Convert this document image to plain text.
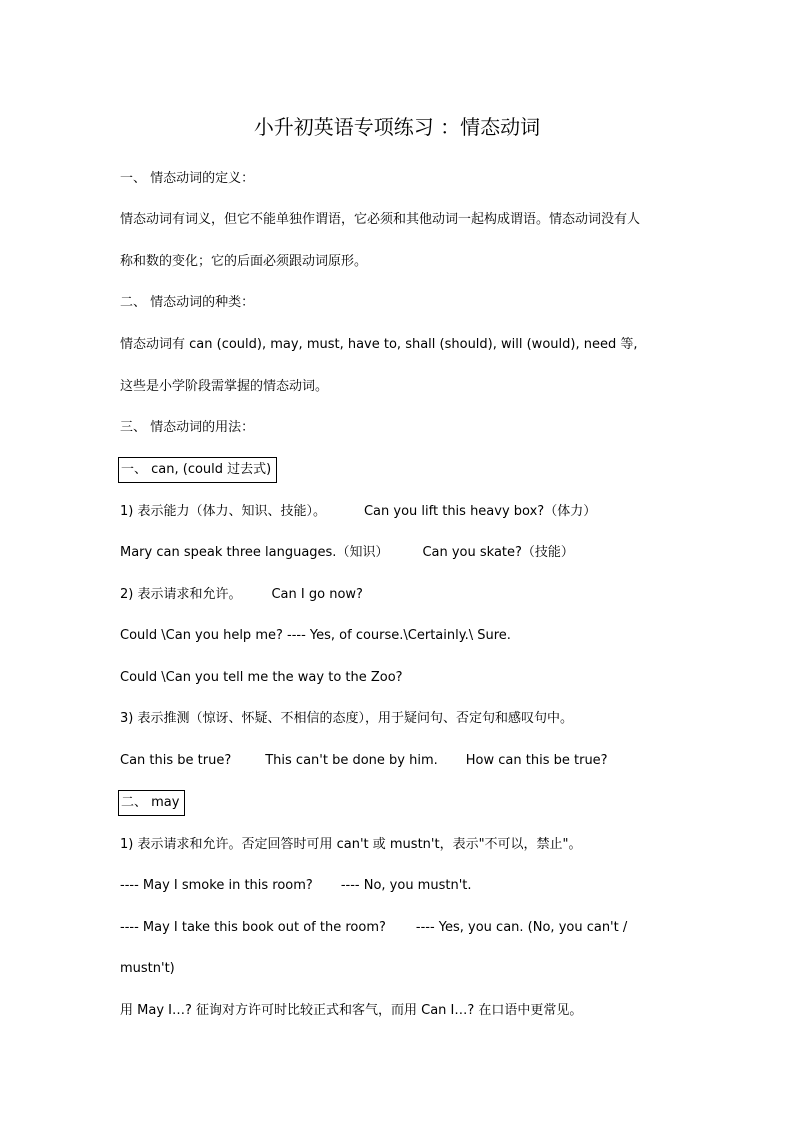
小升初英语专项练习 ：情态动词
一、 情态动词的定义：
情态动词有词义，但它不能单独作谓语，它必须和其他动词一起构成谓语。情态动词没有人
称和数的变化；它的后面必须跟动词原形。
二、 情态动词的种类：
情态动词有 can (could), may, must, have to, shall (should), will (would), need 等,
这些是小学阶段需掌握的情态动词。
三、 情态动词的用法：
一、 can, (could 过去式)
1) 表示能力（体力、知识、技能）。	Can you lift this heavy box?（体力）
Mary can speak three languages.（知识）	Can you skate?（技能）
2) 表示请求和允许。 Can I go now?
Could \Can you help me? ---- Yes, of course.\Certainly.\ Sure.
Could \Can you tell me the way to the Zoo?
3) 表示推测（惊讶、怀疑、不相信的态度），用于疑问句、否定句和感叹句中。
Can this be true?	This can't be done by him. How can this be true?
二、 may
1) 表示请求和允许。否定回答时可用 can't 或 mustn't，表示"不可以，禁止"。
---- May I smoke in this room? ---- No, you mustn't.
---- May I take this book out of the room? ---- Yes, you can. (No, you can't /
mustn't)
用 May I…? 征询对方许可时比较正式和客气，而用 Can I…? 在口语中更常见。
